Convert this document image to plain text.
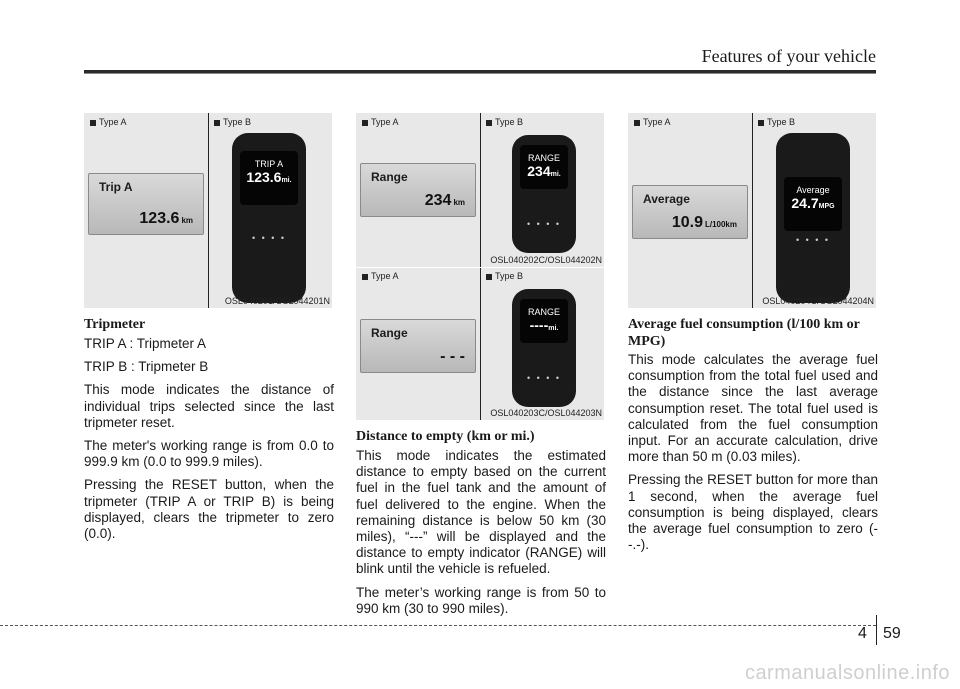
Features of your vehicle
Type A	Type B
Trip A
123.6 km
TRIP A
123.6mi.
• • • •
OSL040201/OSL044201N
Tripmeter

TRIP A : Tripmeter A

TRIP B : Tripmeter B

This mode indicates the distance of individual trips selected since the last tripmeter reset.

The meter's working range is from 0.0 to 999.9 km (0.0 to 999.9 miles).

Pressing the RESET button, when the tripmeter (TRIP A or TRIP B) is being displayed, clears the tripmeter to zero (0.0).

Type A	Type B
Range
234 km
RANGE
234mi.
• • • •
OSL040202C/OSL044202N
Type A	Type B
Range
- - -
RANGE
----mi.
• • • •
OSL040203C/OSL044203N
Distance to empty (km or mi.)

This mode indicates the estimated distance to empty based on the current fuel in the fuel tank and the amount of fuel delivered to the engine. When the remaining distance is below 50 km (30 miles), “---” will be displayed and the distance to empty indicator (RANGE) will blink until the vehicle is refueled.

The meter’s working range is from 50 to 990 km (30 to 990 miles).

Type A	Type B
Average
10.9 L/100km
Average
24.7MPG
• • • •
OSL040204C/OSL044204N
Average fuel consumption (l/100 km or MPG)

This mode calculates the average fuel consumption from the total fuel used and the distance since the last average consumption reset. The total fuel used is calculated from the fuel consumption input. For an accurate calculation, drive more than 50 m (0.03 miles).

Pressing the RESET button for more than 1 second, when the average fuel consumption is being displayed, clears the average fuel consumption to zero (--.-).

4 59
carmanualsonline.info
